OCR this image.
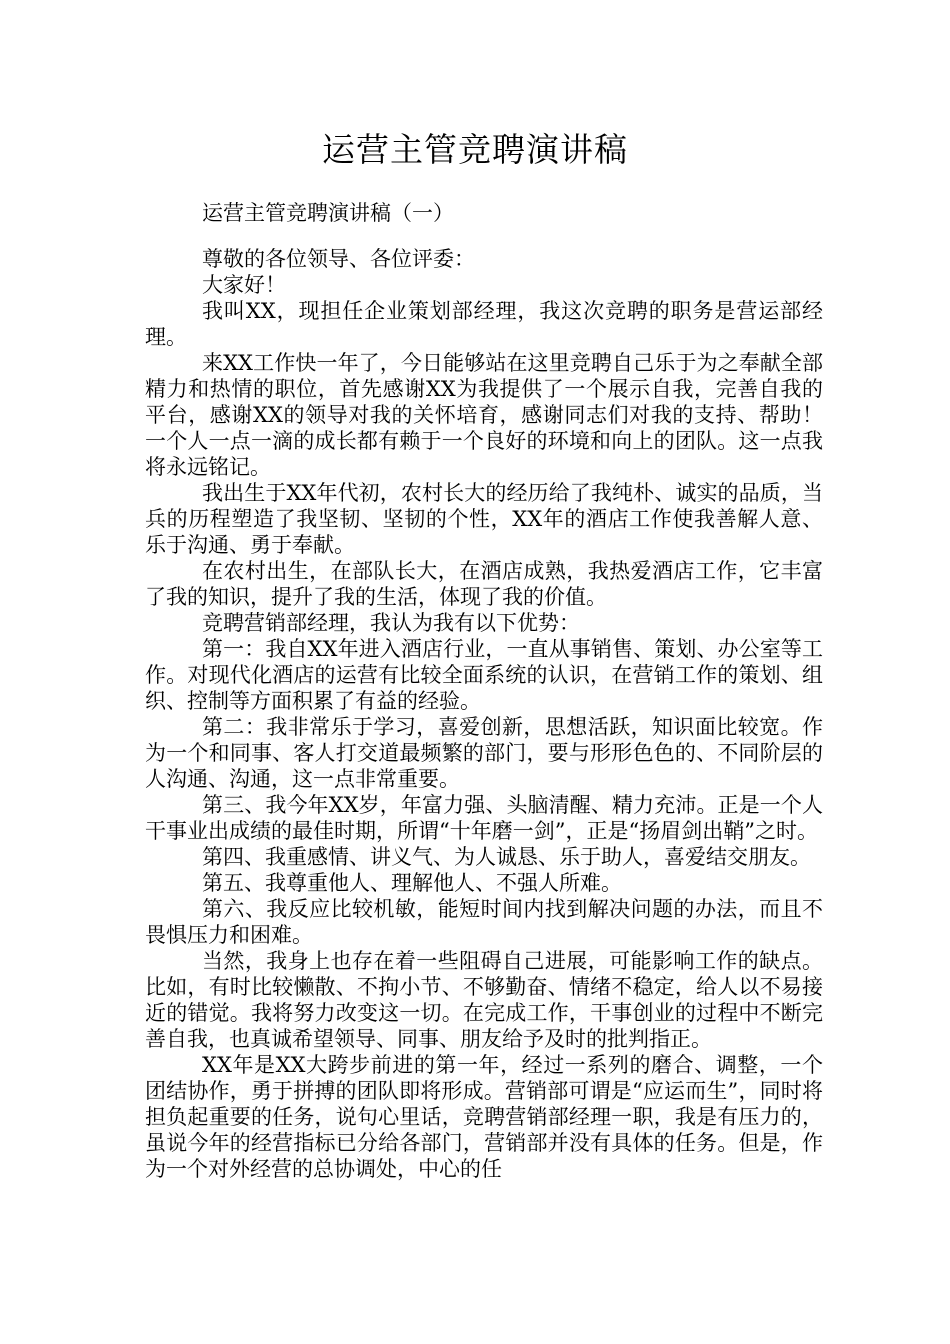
运营主管竞聘演讲稿
运营主管竞聘演讲稿（一）

尊敬的各位领导、各位评委：

大家好！

我叫XX，现担任企业策划部经理，我这次竞聘的职务是营运部经理。

来XX工作快一年了，今日能够站在这里竞聘自己乐于为之奉献全部精力和热情的职位，首先感谢XX为我提供了一个展示自我，完善自我的平台，感谢XX的领导对我的关怀培育，感谢同志们对我的支持、帮助！一个人一点一滴的成长都有赖于一个良好的环境和向上的团队。这一点我将永远铭记。

我出生于XX年代初，农村长大的经历给了我纯朴、诚实的品质，当兵的历程塑造了我坚韧、坚韧的个性，XX年的酒店工作使我善解人意、乐于沟通、勇于奉献。

在农村出生，在部队长大，在酒店成熟，我热爱酒店工作，它丰富了我的知识，提升了我的生活，体现了我的价值。

竞聘营销部经理，我认为我有以下优势：

第一：我自XX年进入酒店行业，一直从事销售、策划、办公室等工作。对现代化酒店的运营有比较全面系统的认识，在营销工作的策划、组织、控制等方面积累了有益的经验。

第二：我非常乐于学习，喜爱创新，思想活跃，知识面比较宽。作为一个和同事、客人打交道最频繁的部门，要与形形色色的、不同阶层的人沟通、沟通，这一点非常重要。

第三、我今年XX岁，年富力强、头脑清醒、精力充沛。正是一个人干事业出成绩的最佳时期，所谓“十年磨一剑”，正是“扬眉剑出鞘”之时。

第四、我重感情、讲义气、为人诚恳、乐于助人，喜爱结交朋友。

第五、我尊重他人、理解他人、不强人所难。

第六、我反应比较机敏，能短时间内找到解决问题的办法，而且不畏惧压力和困难。

当然，我身上也存在着一些阻碍自己进展，可能影响工作的缺点。比如，有时比较懒散、不拘小节、不够勤奋、情绪不稳定，给人以不易接近的错觉。我将努力改变这一切。在完成工作，干事创业的过程中不断完善自我，也真诚希望领导、同事、朋友给予及时的批判指正。

XX年是XX大跨步前进的第一年，经过一系列的磨合、调整，一个团结协作，勇于拼搏的团队即将形成。营销部可谓是“应运而生”，同时将担负起重要的任务，说句心里话，竞聘营销部经理一职，我是有压力的，虽说今年的经营指标已分给各部门，营销部并没有具体的任务。但是，作为一个对外经营的总协调处，中心的任
